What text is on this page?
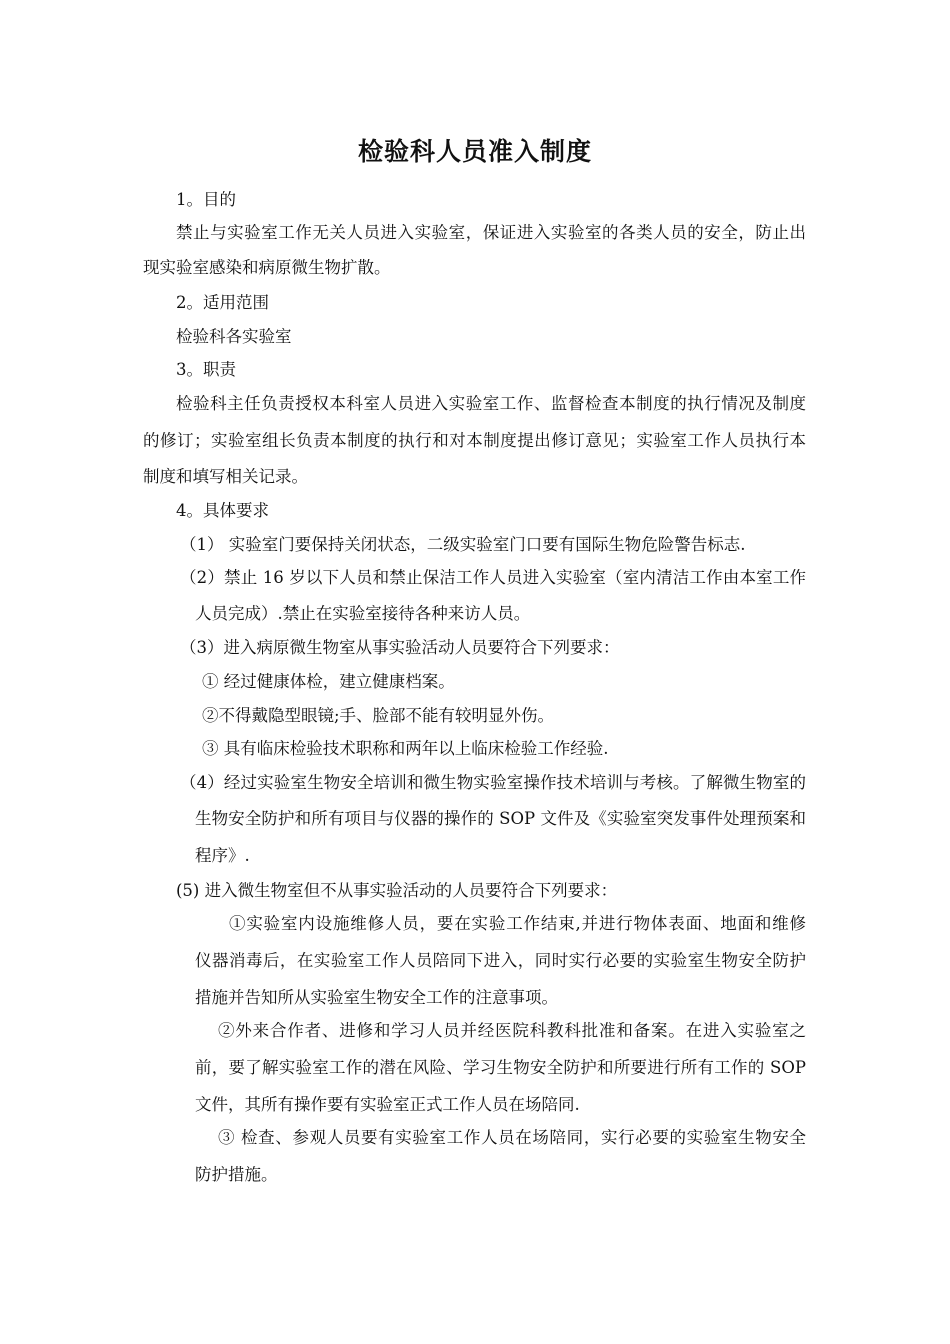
检验科人员准入制度
1。目的
禁止与实验室工作无关人员进入实验室，保证进入实验室的各类人员的安全，防止出
现实验室感染和病原微生物扩散。
2。适用范围
检验科各实验室
3。职责
检验科主任负责授权本科室人员进入实验室工作、监督检查本制度的执行情况及制度
的修订；实验室组长负责本制度的执行和对本制度提出修订意见；实验室工作人员执行本
制度和填写相关记录。
4。具体要求
（1） 实验室门要保持关闭状态，二级实验室门口要有国际生物危险警告标志.
（2）禁止 16 岁以下人员和禁止保洁工作人员进入实验室（室内清洁工作由本室工作
人员完成）.禁止在实验室接待各种来访人员。
（3）进入病原微生物室从事实验活动人员要符合下列要求：
① 经过健康体检，建立健康档案。
②不得戴隐型眼镜;手、脸部不能有较明显外伤。
③ 具有临床检验技术职称和两年以上临床检验工作经验.
（4）经过实验室生物安全培训和微生物实验室操作技术培训与考核。了解微生物室的
生物安全防护和所有项目与仪器的操作的 SOP 文件及《实验室突发事件处理预案和
程序》.
(5) 进入微生物室但不从事实验活动的人员要符合下列要求：
①实验室内设施维修人员，要在实验工作结束,并进行物体表面、地面和维修
仪器消毒后，在实验室工作人员陪同下进入，同时实行必要的实验室生物安全防护
措施并告知所从实验室生物安全工作的注意事项。
②外来合作者、进修和学习人员并经医院科教科批准和备案。在进入实验室之
前，要了解实验室工作的潜在风险、学习生物安全防护和所要进行所有工作的 SOP
文件，其所有操作要有实验室正式工作人员在场陪同.
③ 检查、参观人员要有实验室工作人员在场陪同，实行必要的实验室生物安全
防护措施。
